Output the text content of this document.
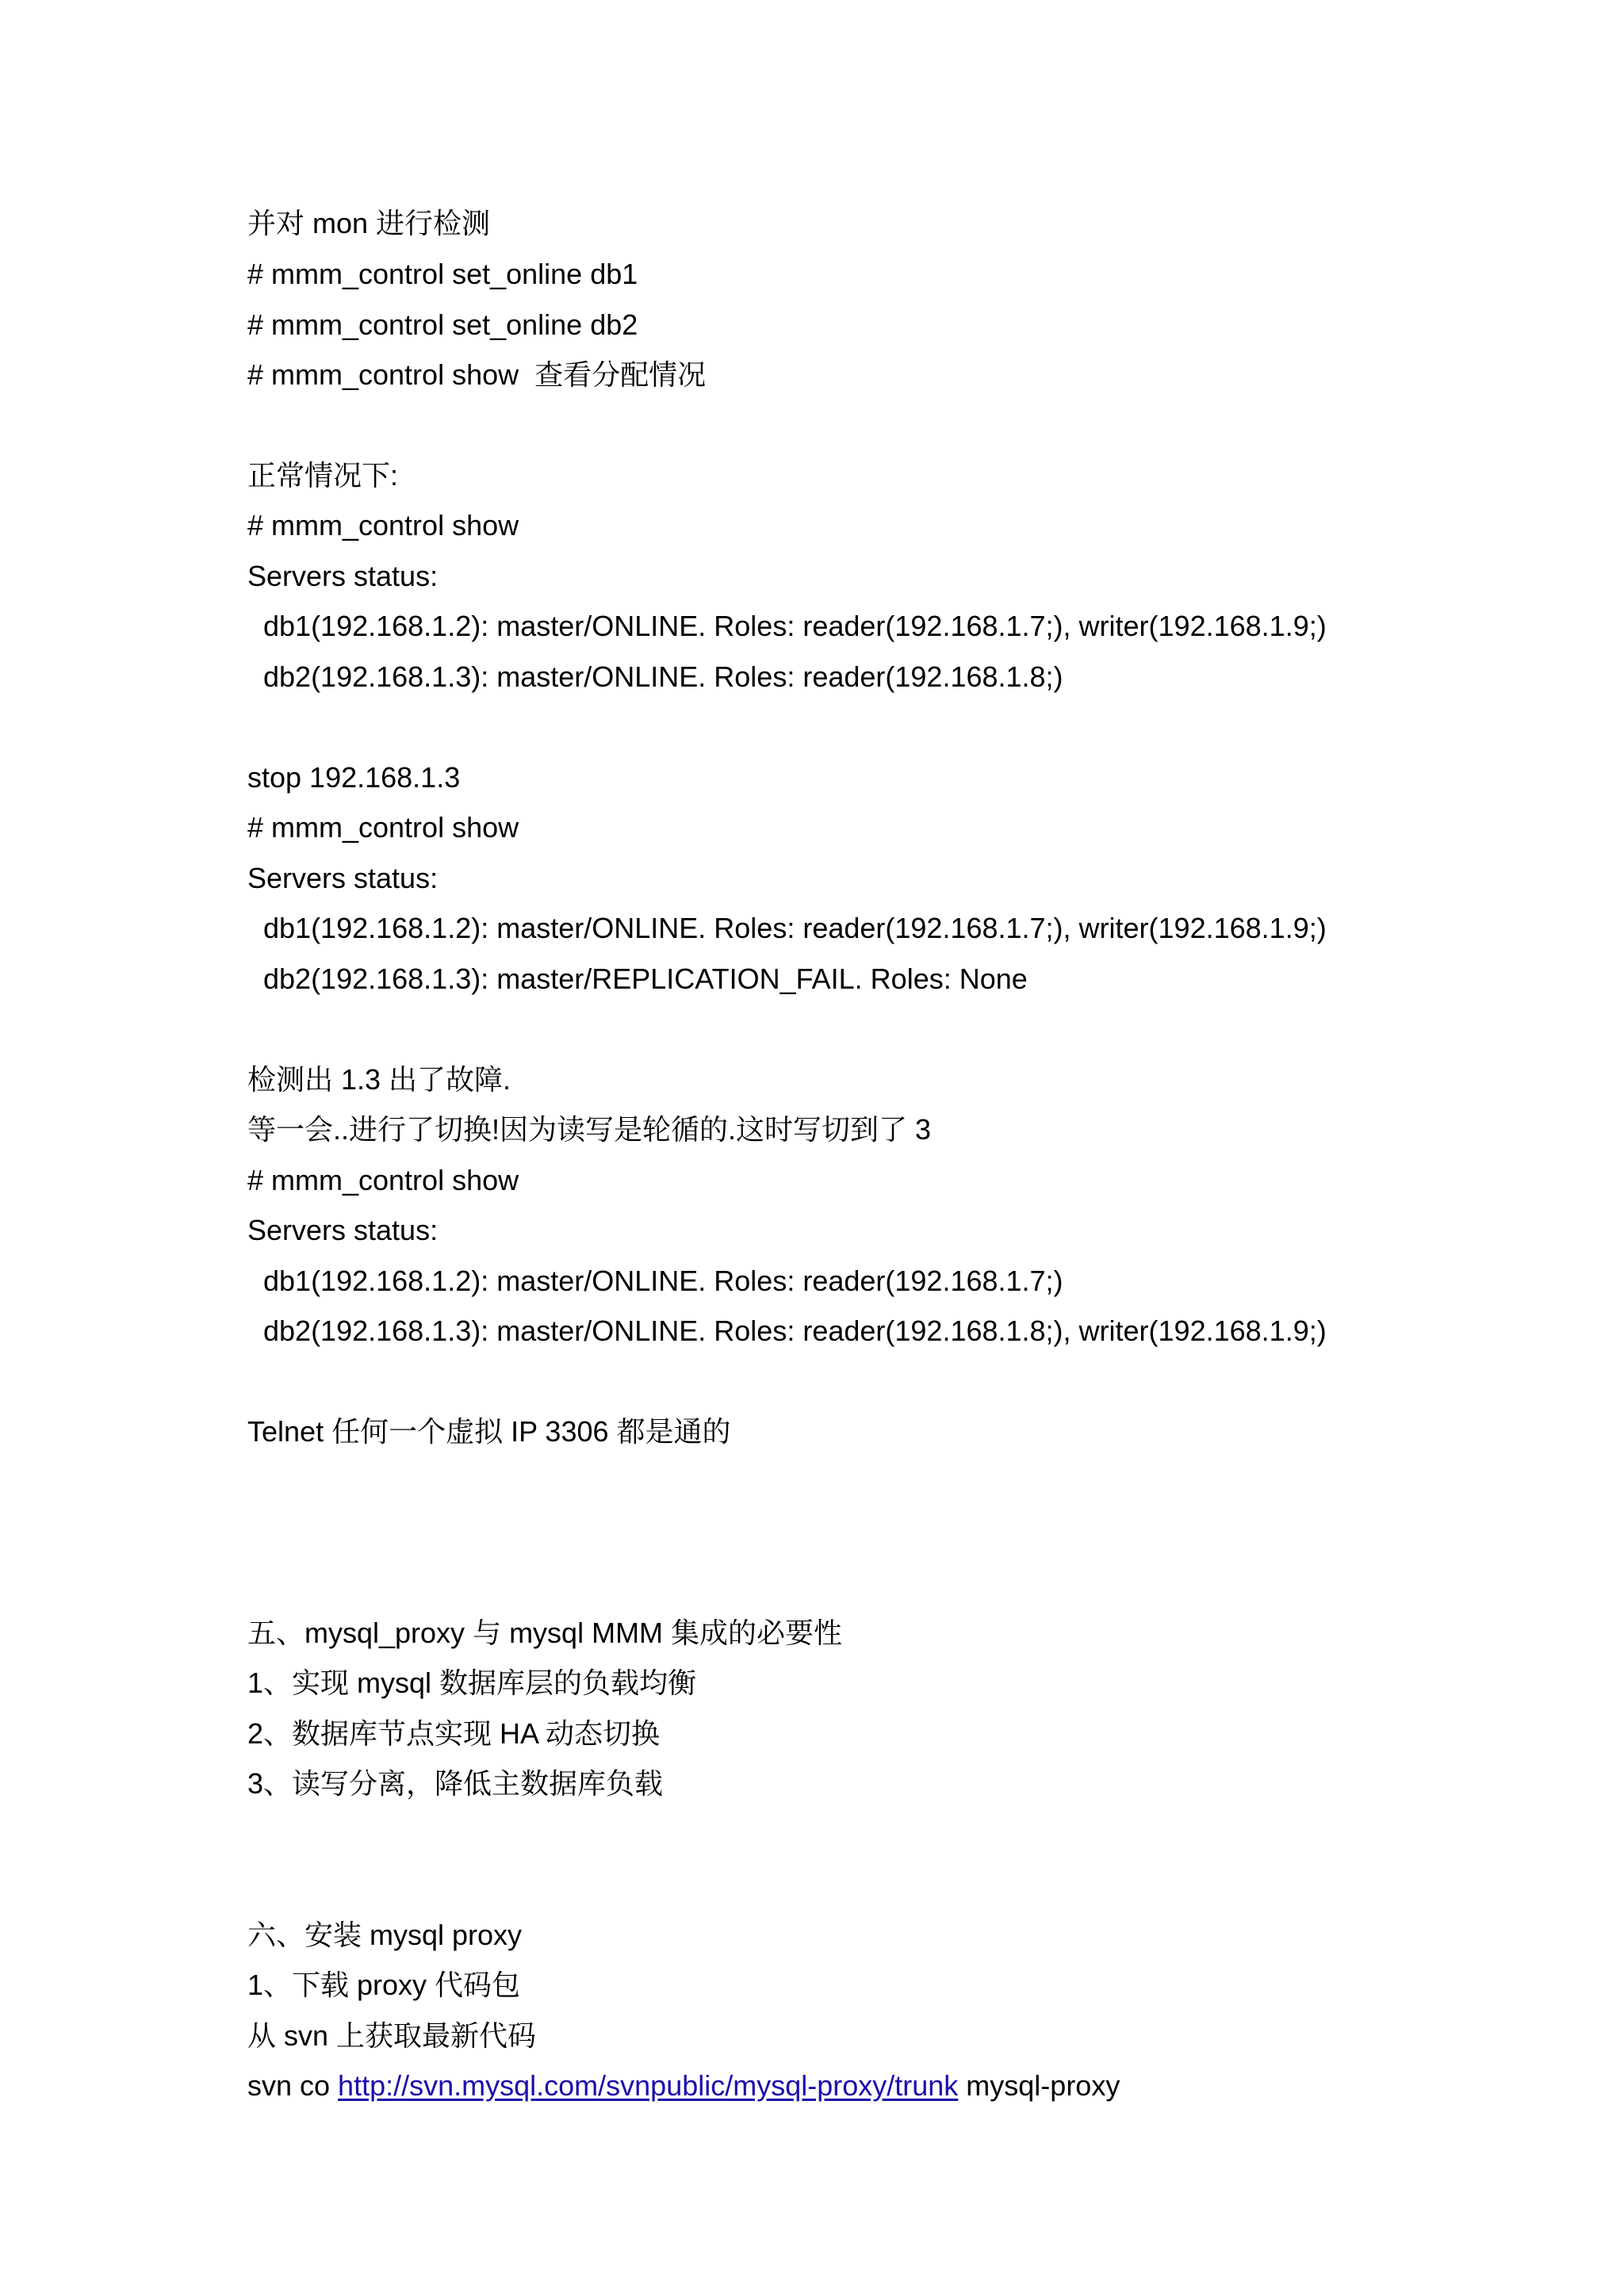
并对 mon 进行检测

# mmm_control set_online db1

# mmm_control set_online db2

# mmm_control show  查看分配情况

正常情况下:

# mmm_control show

Servers status:

db1(192.168.1.2): master/ONLINE. Roles: reader(192.168.1.7;), writer(192.168.1.9;)

db2(192.168.1.3): master/ONLINE. Roles: reader(192.168.1.8;)

stop 192.168.1.3

# mmm_control show

Servers status:

db1(192.168.1.2): master/ONLINE. Roles: reader(192.168.1.7;), writer(192.168.1.9;)

db2(192.168.1.3): master/REPLICATION_FAIL. Roles: None

检测出 1.3 出了故障.

等一会..进行了切换!因为读写是轮循的.这时写切到了 3

# mmm_control show

Servers status:

db1(192.168.1.2): master/ONLINE. Roles: reader(192.168.1.7;)

db2(192.168.1.3): master/ONLINE. Roles: reader(192.168.1.8;), writer(192.168.1.9;)

Telnet 任何一个虚拟 IP 3306 都是通的

五、mysql_proxy 与 mysql MMM 集成的必要性

1、实现 mysql 数据库层的负载均衡

2、数据库节点实现 HA 动态切换

3、读写分离，降低主数据库负载

六、安装 mysql proxy

1、下载 proxy 代码包

从 svn 上获取最新代码

svn co http://svn.mysql.com/svnpublic/mysql-proxy/trunk mysql-proxy
